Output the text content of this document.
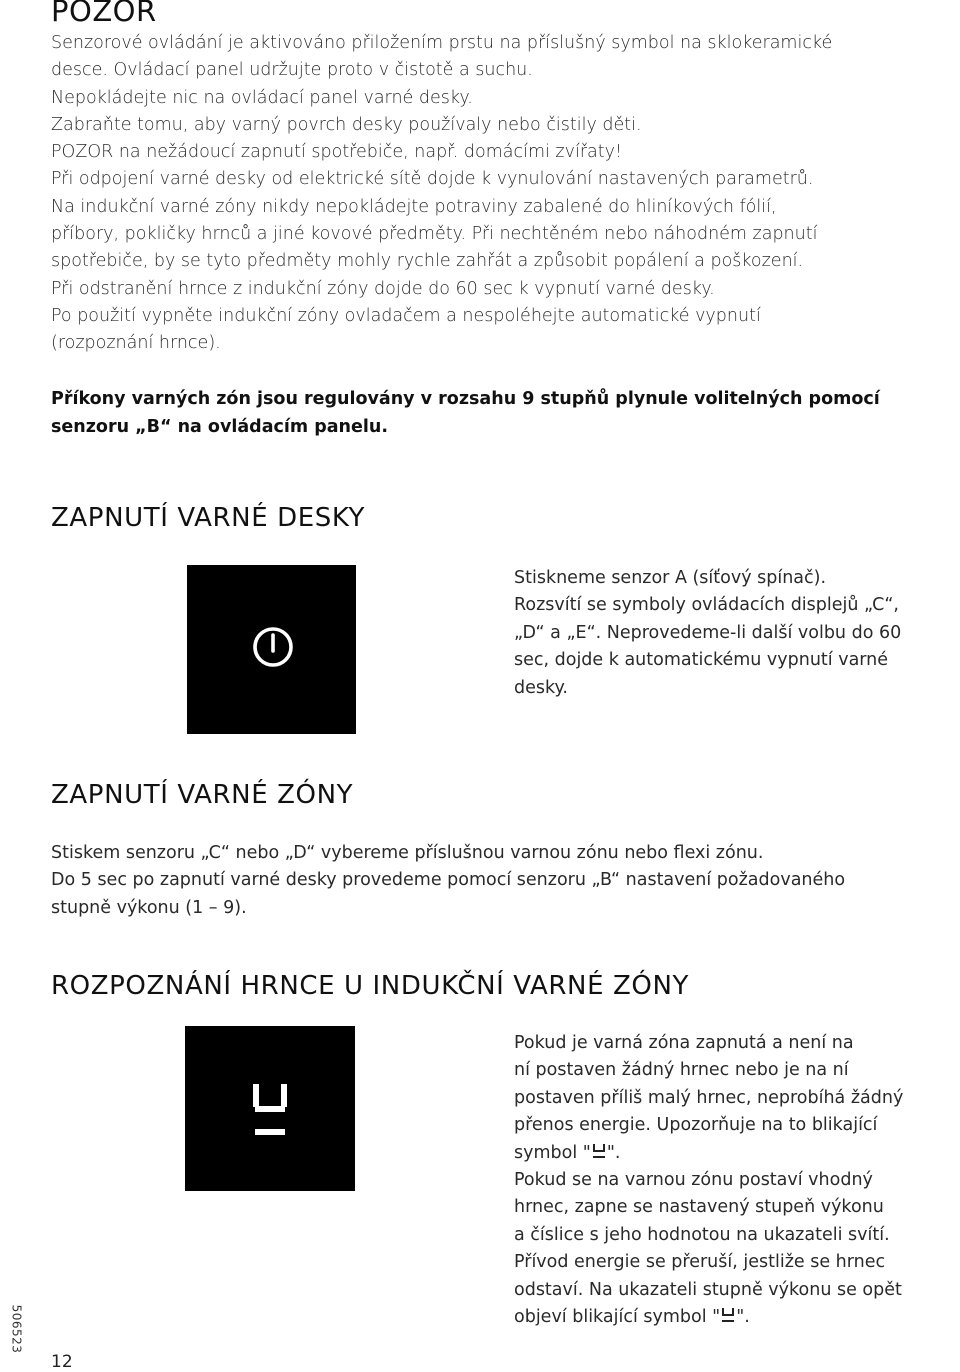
POZOR
Senzorové ovládání je aktivováno přiložením prstu na příslušný symbol na sklokeramické
desce. Ovládací panel udržujte proto v čistotě a suchu.
Nepokládejte nic na ovládací panel varné desky.
Zabraňte tomu, aby varný povrch desky používaly nebo čistily děti.
POZOR na nežádoucí zapnutí spotřebiče, např. domácími zvířaty!
Při odpojení varné desky od elektrické sítě dojde k vynulování nastavených parametrů.
Na indukční varné zóny nikdy nepokládejte potraviny zabalené do hliníkových fólií,
příbory, pokličky hrnců a jiné kovové předměty. Při nechtěném nebo náhodném zapnutí
spotřebiče, by se tyto předměty mohly rychle zahřát a způsobit popálení a poškození.
Při odstranění hrnce z indukční zóny dojde do 60 sec k vypnutí varné desky.
Po použití vypněte indukční zóny ovladačem a nespoléhejte automatické vypnutí
(rozpoznání hrnce).
Příkony varných zón jsou regulovány v rozsahu 9 stupňů plynule volitelných pomocí
senzoru „B“ na ovládacím panelu.
ZAPNUTÍ VARNÉ DESKY
Stiskneme senzor A (síťový spínač).
Rozsvítí se symboly ovládacích displejů „C“,
„D“ a „E“. Neprovedeme-li další volbu do 60
sec, dojde k automatickému vypnutí varné
desky.
ZAPNUTÍ VARNÉ ZÓNY
Stiskem senzoru „C“ nebo „D“ vybereme příslušnou varnou zónu nebo flexi zónu.
Do 5 sec po zapnutí varné desky provedeme pomocí senzoru „B“ nastavení požadovaného
stupně výkonu (1 – 9).
ROZPOZNÁNÍ HRNCE U INDUKČNÍ VARNÉ ZÓNY
Pokud je varná zóna zapnutá a není na
ní postaven žádný hrnec nebo je na ní
postaven příliš malý hrnec, neprobíhá žádný
přenos energie. Upozorňuje na to blikající
symbol " ".
Pokud se na varnou zónu postaví vhodný
hrnec, zapne se nastavený stupeň výkonu
a číslice s jeho hodnotou na ukazateli svítí.
Přívod energie se přeruší, jestliže se hrnec
odstaví. Na ukazateli stupně výkonu se opět
objeví blikající symbol " ".
12
506523
